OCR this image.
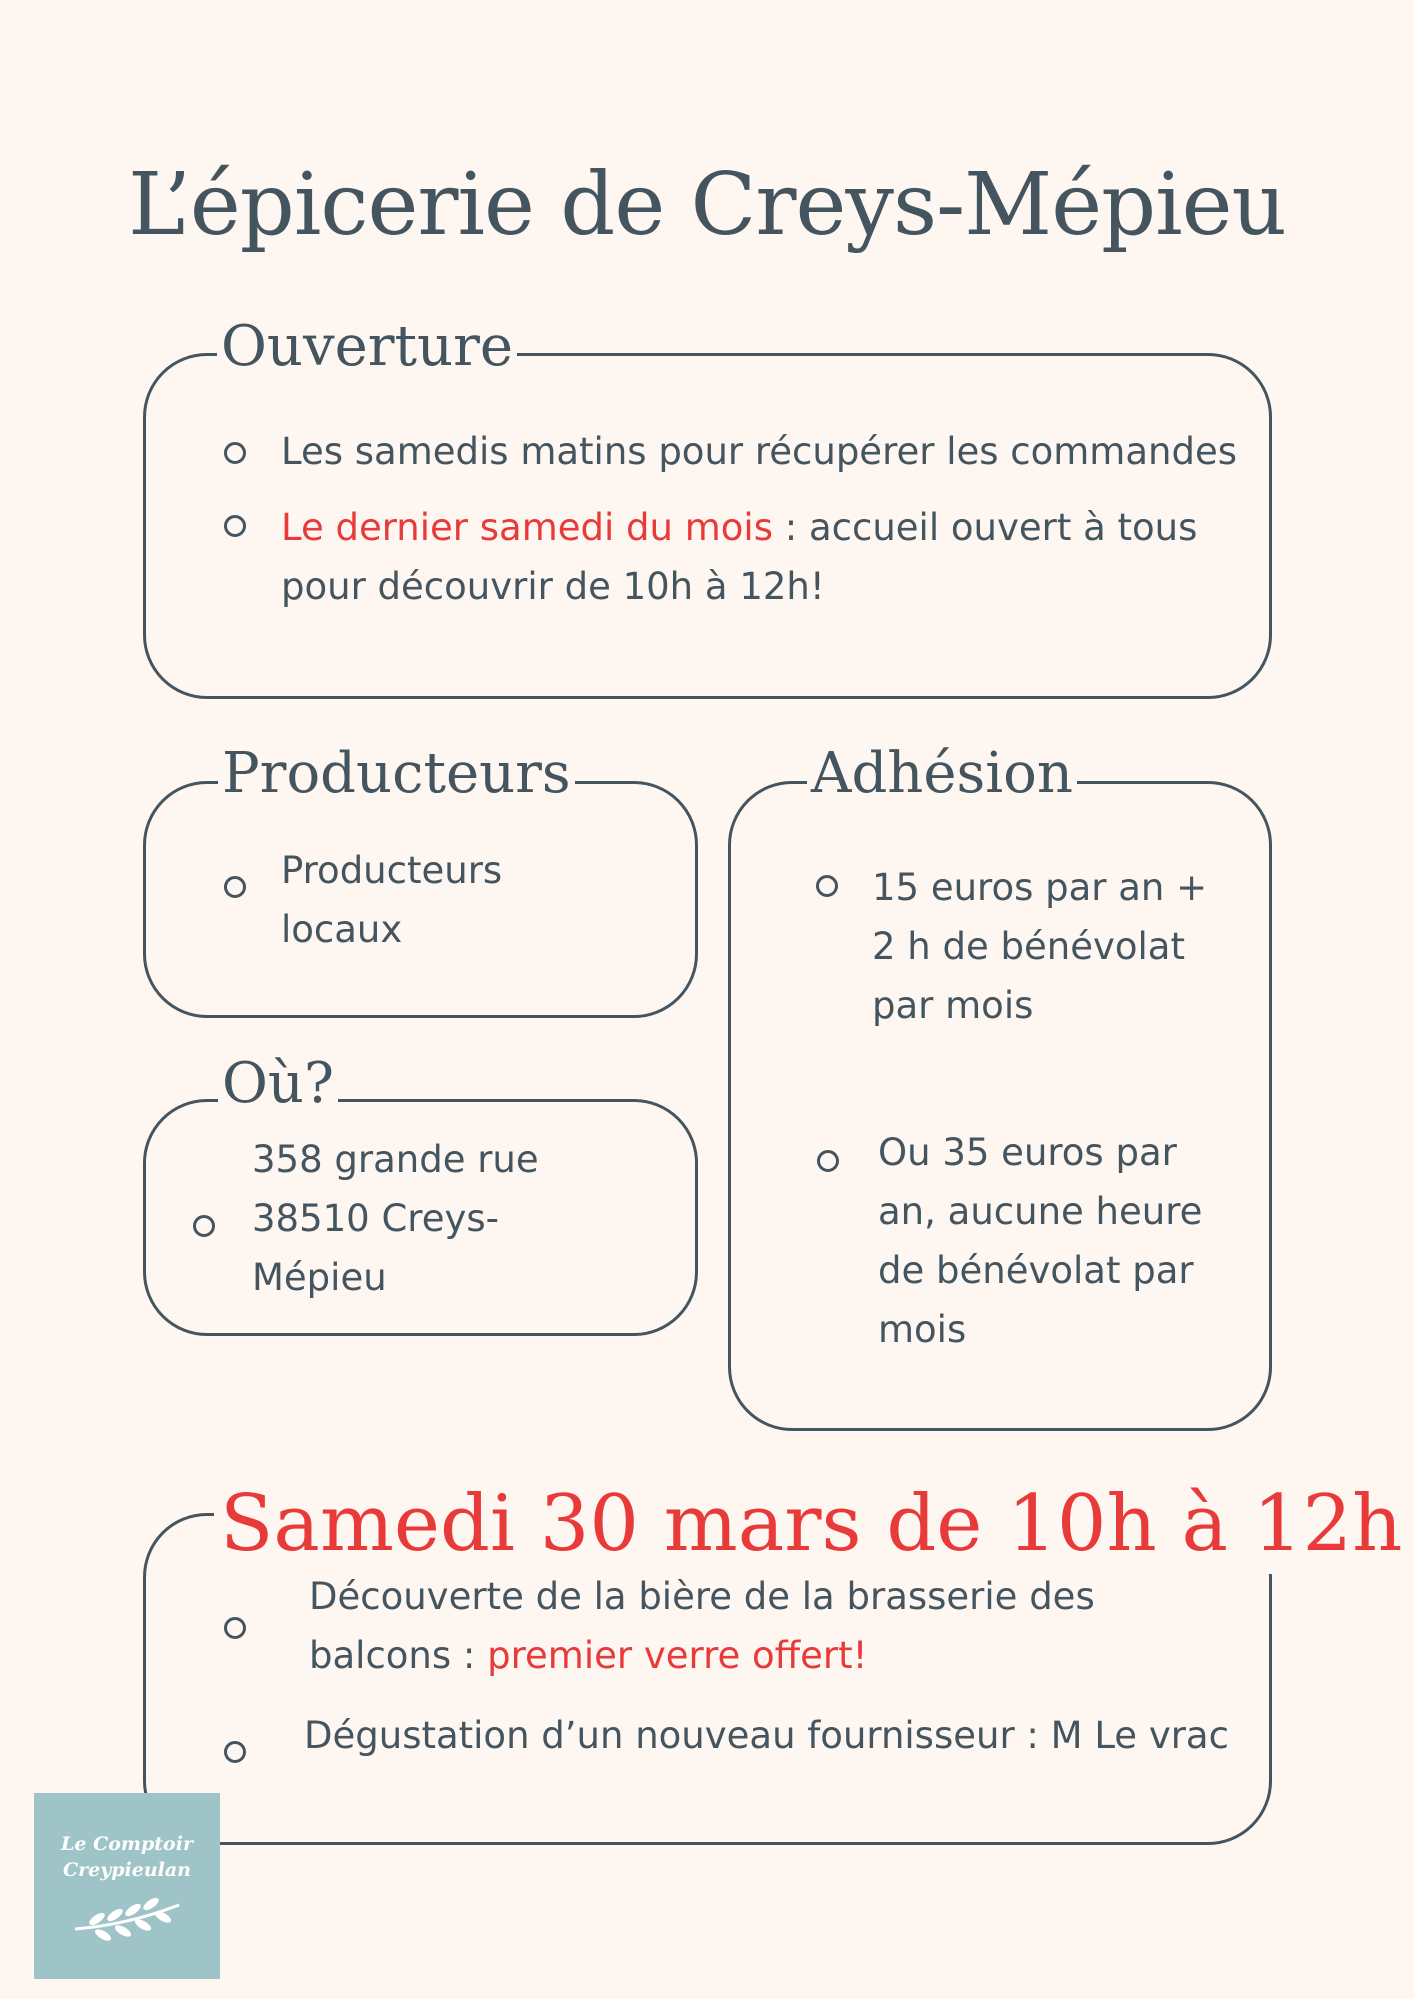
L’épicerie de Creys-Mépieu
Ouverture
Les samedis matins pour récupérer les commandes
Le dernier samedi du mois : accueil ouvert à tous pour découvrir de 10h à 12h!
Producteurs
Producteurs locaux
Où?
358 grande rue 38510 Creys-Mépieu
Adhésion
15 euros par an + 2 h de bénévolat par mois
Ou 35 euros par an, aucune heure de bénévolat par mois
Samedi 30 mars de 10h à 12h
Découverte de la bière de la brasserie des balcons : premier verre offert!
Dégustation d’un nouveau fournisseur : M Le vrac
Le Comptoir
Creypieulan
